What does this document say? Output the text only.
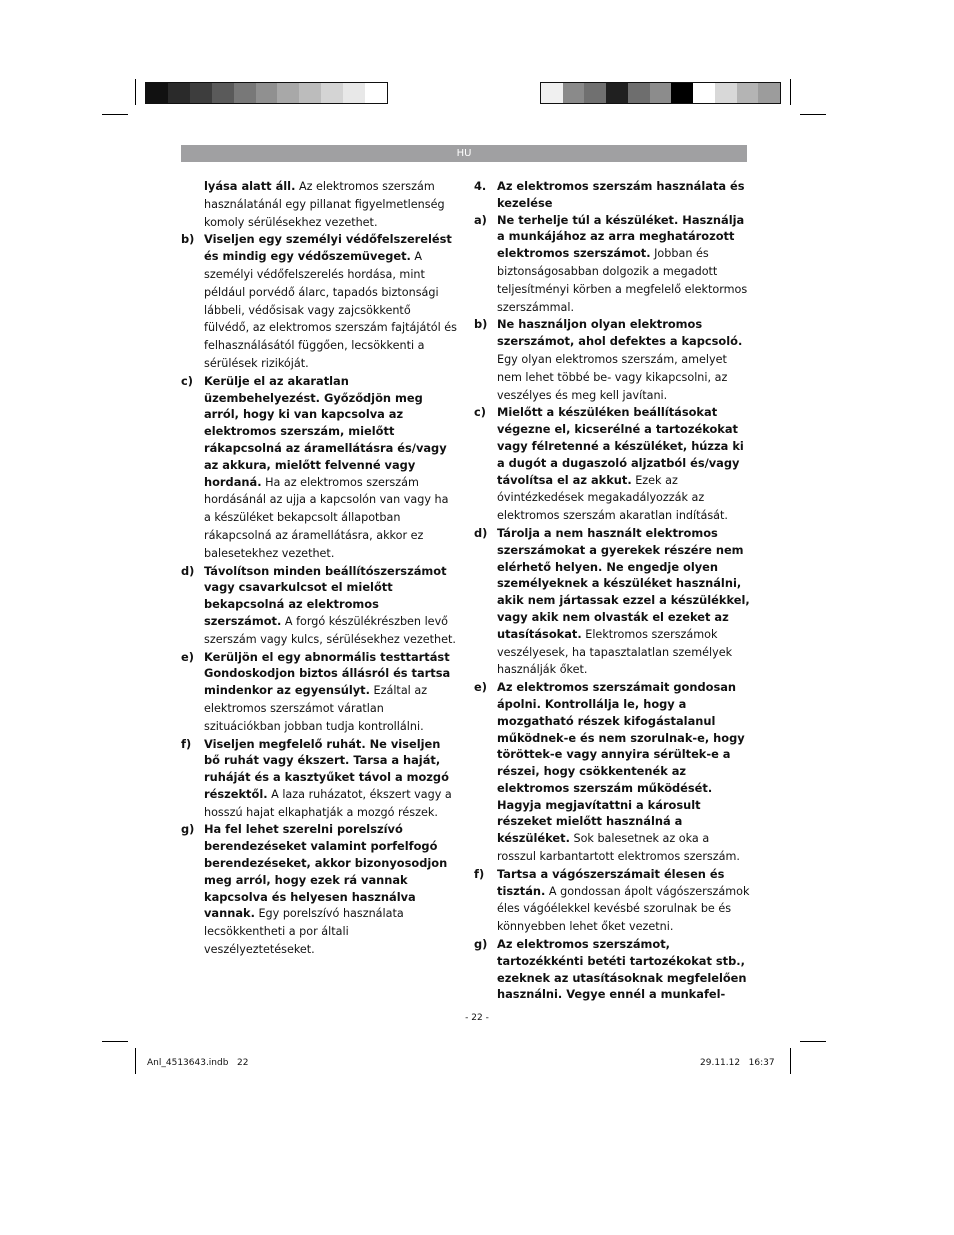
HU

lyása alatt áll. Az elektromos szerszám használatánál egy pillanat figyelmetlenség komoly sérülésekhez vezethet.

b) Viseljen egy személyi védőfelszerelést és mindig egy védőszemüveget. A személyi védőfelszerelés hordása, mint például porvédő álarc, tapadós biztonsági lábbeli, védősisak vagy zajcsökkentő fülvédő, az elektromos szerszám fajtájától és felhasználásától függően, lecsökkenti a sérülések rizikóját.

c) Kerülje el az akaratlan üzembehelyezést. Győződjön meg arról, hogy ki van kapcsolva az elektromos szerszám, mielőtt rákapcsolná az áramellátásra és/vagy az akkura, mielőtt felvenné vagy hordaná. Ha az elektromos szerszám hordásánál az ujja a kapcsolón van vagy ha a készüléket bekapcsolt állapotban rákapcsolná az áramellátásra, akkor ez balesetekhez vezethet.

d) Távolítson minden beállítószerszámot vagy csavarkulcsot el mielőtt bekapcsolná az elektromos szerszámot. A forgó készülékrészben levő szerszám vagy kulcs, sérülésekhez vezethet.

e) Kerüljön el egy abnormális testtartást Gondoskodjon biztos állásról és tartsa mindenkor az egyensúlyt. Ezáltal az elektromos szerszámot váratlan szituációkban jobban tudja kontrollálni.

f) Viseljen megfelelő ruhát. Ne viseljen bő ruhát vagy ékszert. Tarsa a haját, ruháját és a kasztyűket távol a mozgó részektől. A laza ruházatot, ékszert vagy a hosszú hajat elkaphatják a mozgó részek.

g) Ha fel lehet szerelni porelszívó berendezéseket valamint porfelfogó berendezéseket, akkor bizonyosodjon meg arról, hogy ezek rá vannak kapcsolva és helyesen használva vannak. Egy porelszívó használata lecsökkentheti a por általi veszélyeztetéseket.

4. Az elektromos szerszám használata és kezelése

a) Ne terhelje túl a készüléket. Használja a munkájához az arra meghatározott elektromos szerszámot. Jobban és biztonságosabban dolgozik a megadott teljesítményi körben a megfelelő elektormos szerszámmal.

b) Ne használjon olyan elektromos szerszámot, ahol defektes a kapcsoló. Egy olyan elektromos szerszám, amelyet nem lehet többé be- vagy kikapcsolni, az veszélyes és meg kell javítani.

c) Mielőtt a készüléken beállításokat végezne el, kicserélné a tartozékokat vagy félretenné a készüléket, húzza ki a dugót a dugaszoló aljzatból és/vagy távolítsa el az akkut. Ezek az óvintézkedések megakadályozzák az elektromos szerszám akaratlan indítását.

d) Tárolja a nem használt elektromos szerszámokat a gyerekek részére nem elérhető helyen. Ne engedje olyen személyeknek a készüléket használni, akik nem jártassak ezzel a készülékkel, vagy akik nem olvasták el ezeket az utasításokat. Elektromos szerszámok veszélyesek, ha tapasztalatlan személyek használják őket.

e) Az elektromos szerszámait gondosan ápolni. Kontrollálja le, hogy a mozgatható részek kifogástalanul működnek-e és nem szorulnak-e, hogy töröttek-e vagy annyira sérültek-e a részei, hogy csökkentenék az elektromos szerszám működését. Hagyja megjavítattni a károsult részeket mielőtt használná a készüléket. Sok balesetnek az oka a rosszul karbantartott elektromos szerszám.

f) Tartsa a vágószerszámait élesen és tisztán. A gondossan ápolt vágószerszámok éles vágóélekkel kevésbé szorulnak be és könnyebben lehet őket vezetni.

g) Az elektromos szerszámot, tartozékkénti betéti tartozékokat stb., ezeknek az utasításoknak megfelelően használni. Vegye ennél a munkafel-

- 22 -
Anl_4513643.indb   22	29.11.12   16:37
